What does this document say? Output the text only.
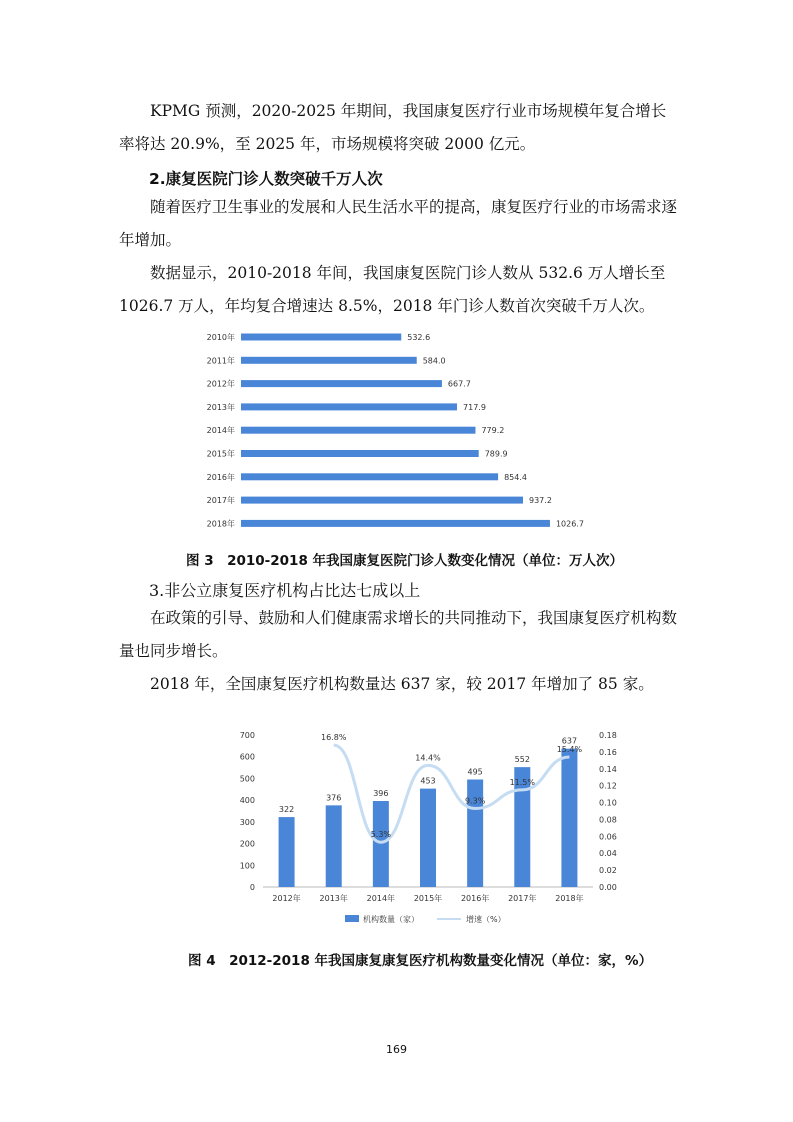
KPMG 预测，2020-2025 年期间，我国康复医疗行业市场规模年复合增长率将达 20.9%，至 2025 年，市场规模将突破 2000 亿元。
2.康复医院门诊人数突破千万人次
随着医疗卫生事业的发展和人民生活水平的提高，康复医疗行业的市场需求逐年增加。
数据显示，2010-2018 年间，我国康复医院门诊人数从 532.6 万人增长至 1026.7 万人，年均复合增速达 8.5%，2018 年门诊人数首次突破千万人次。
2010年	532.6
2011年	584.0
2012年	667.7
2013年	717.9
2014年	779.2
2015年	789.9
2016年	854.4
2017年	937.2
2018年	1026.7
图 3　2010-2018 年我国康复医院门诊人数变化情况（单位：万人次）
3.非公立康复医疗机构占比达七成以上
在政策的引导、鼓励和人们健康需求增长的共同推动下，我国康复医疗机构数量也同步增长。
2018 年，全国康复医疗机构数量达 637 家，较 2017 年增加了 85 家。
0
100
200
300
400
500
600
700
0.00
0.02
0.04
0.06
0.08
0.10
0.12
0.14
0.16
0.18
322
2012年
376
2013年
396
2014年
453
2015年
495
2016年
552
2017年
637
2018年
16.8%
5.3%
14.4%
9.3%
11.5%
15.4%
机构数量（家）	增速（%）
图 4　2012-2018 年我国康复康复医疗机构数量变化情况（单位：家，%）
169
